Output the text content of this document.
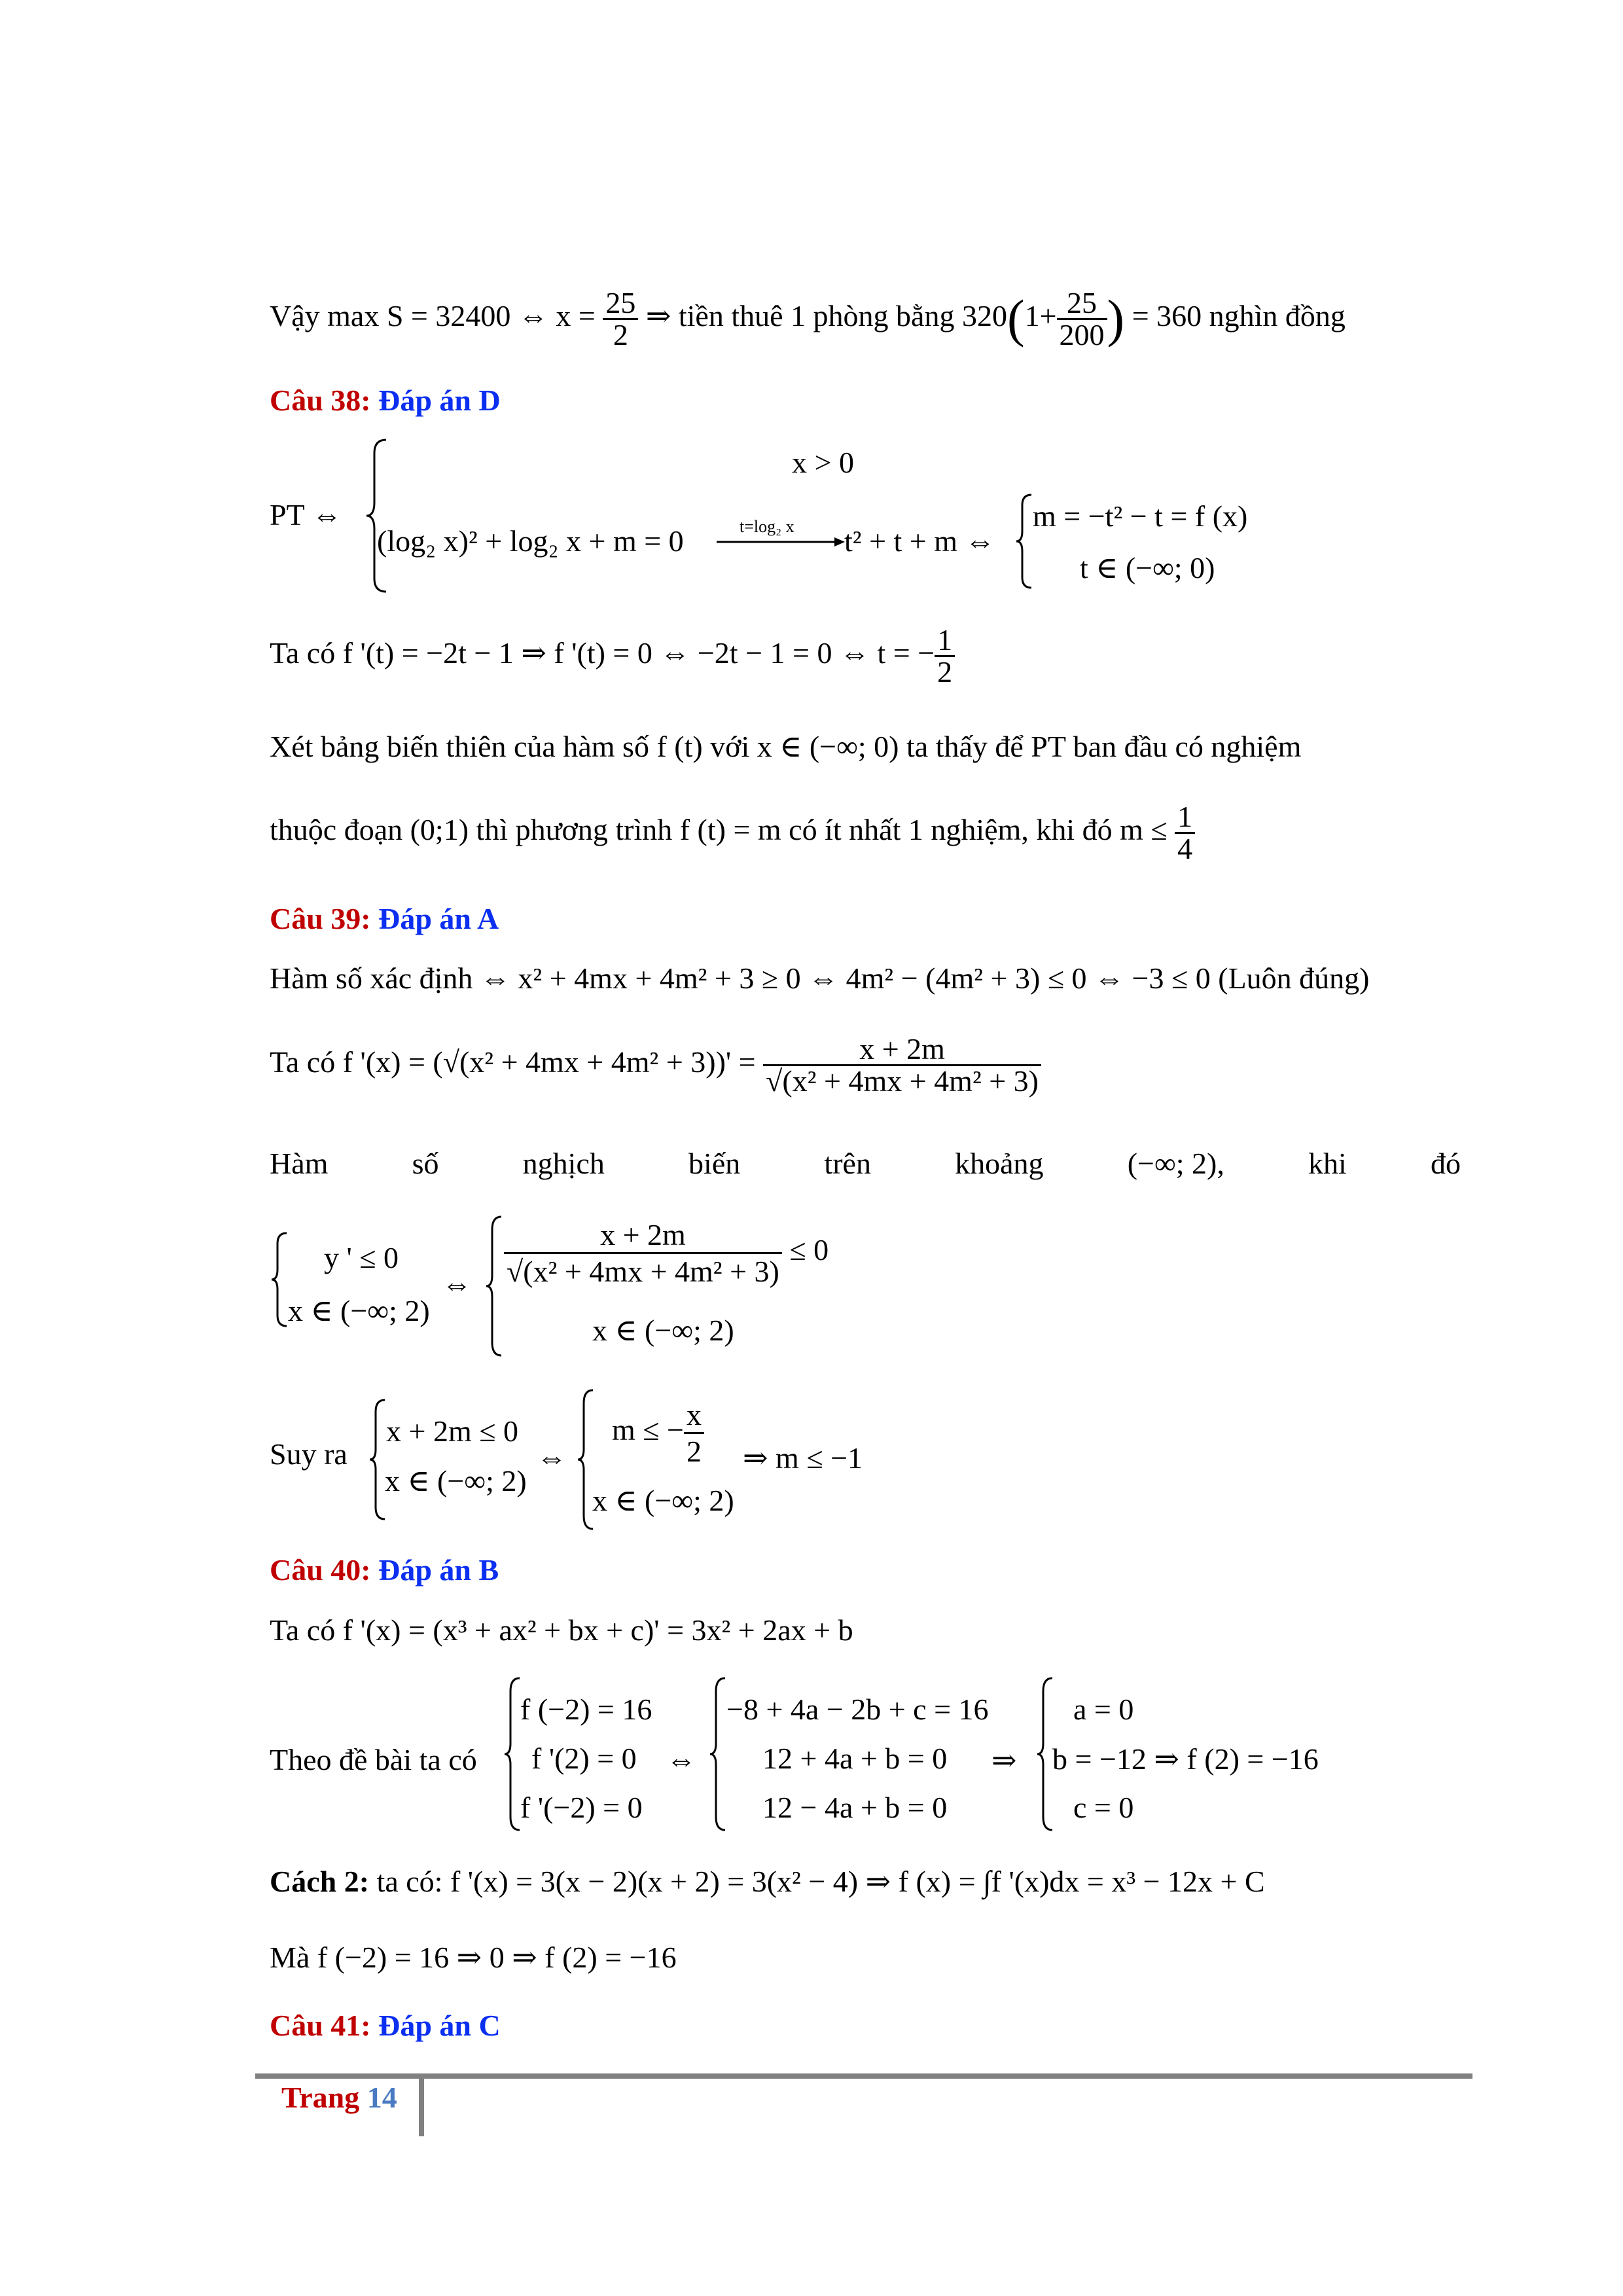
Vậy max S = 32400 ⇔ $x = \frac{25}{2}$ ⇒ tiền thuê 1 phòng bằng $320(1+ \frac{25}{200}$ ) = 360 nghìn đồng
Câu 38: Đáp án D
PT ⇔
x > 0
(log₂ x)² + log₂ x + m = 0	t=log₂ x t² + t + m ⇔
m = −t² − t = f (x)
t ∈ (−∞; 0)
Ta có f '(t) = −2t − 1 ⇒ f '(t) = 0 ⇔ −2t − 1 = 0 ⇔ t = − $\frac{1}{2}$
Xét bảng biến thiên của hàm số f (t) với x ∈ (−∞; 0) ta thấy để PT ban đầu có nghiệm
thuộc đoạn (0;1) thì phương trình f (t) = m có ít nhất 1 nghiệm, khi đó $m \le \frac{1}{4}$
Câu 39: Đáp án A
Hàm số xác định ⇔ x² + 4mx + 4m² + 3 ≥ 0 ⇔ 4m² − (4m² + 3) ≤ 0 ⇔ −3 ≤ 0 (Luôn đúng)
Ta có f '$(x) = (√(x^2 + 4mx + 4m^2 + 3))' = \frac{x + 2m}{\text{√(x² + 4mx + 4m² + 3)}}$
Hàm	số	nghịch	biến	trên	khoảng	(−∞; 2),	khi	đó
y ' ≤ 0
x ∈ (−∞; 2)
⇔ $\frac{x + 2m}{\text{√(x² + 4mx + 4m² + 3)}} \le 0$
x ∈ (−∞; 2)
Suy ra
x + 2m ≤ 0
x ∈ (−∞; 2)
⇔
m ≤ − $\frac{x}{2}$
x ∈ (−∞; 2)
⇒ m ≤ −1
Câu 40: Đáp án B
Ta có f '(x) = (x³ + ax² + bx + c)' = 3x² + 2ax + b
Theo đề bài ta có
f (−2) = 16
f '(2) = 0
f '(−2) = 0
⇔
−8 + 4a − 2b + c = 16
12 + 4a + b = 0
12 − 4a + b = 0
⇒
a = 0
b = −12 ⇒ f (2) = −16
c = 0
Cách 2: ta có: f '(x) = 3(x − 2)(x + 2) = 3(x² − 4) ⇒ f (x) = ∫f '(x)dx = x³ − 12x + C
Mà f (−2) = 16 ⇒ 0 ⇒ f (2) = −16
Câu 41: Đáp án C
Trang 14
